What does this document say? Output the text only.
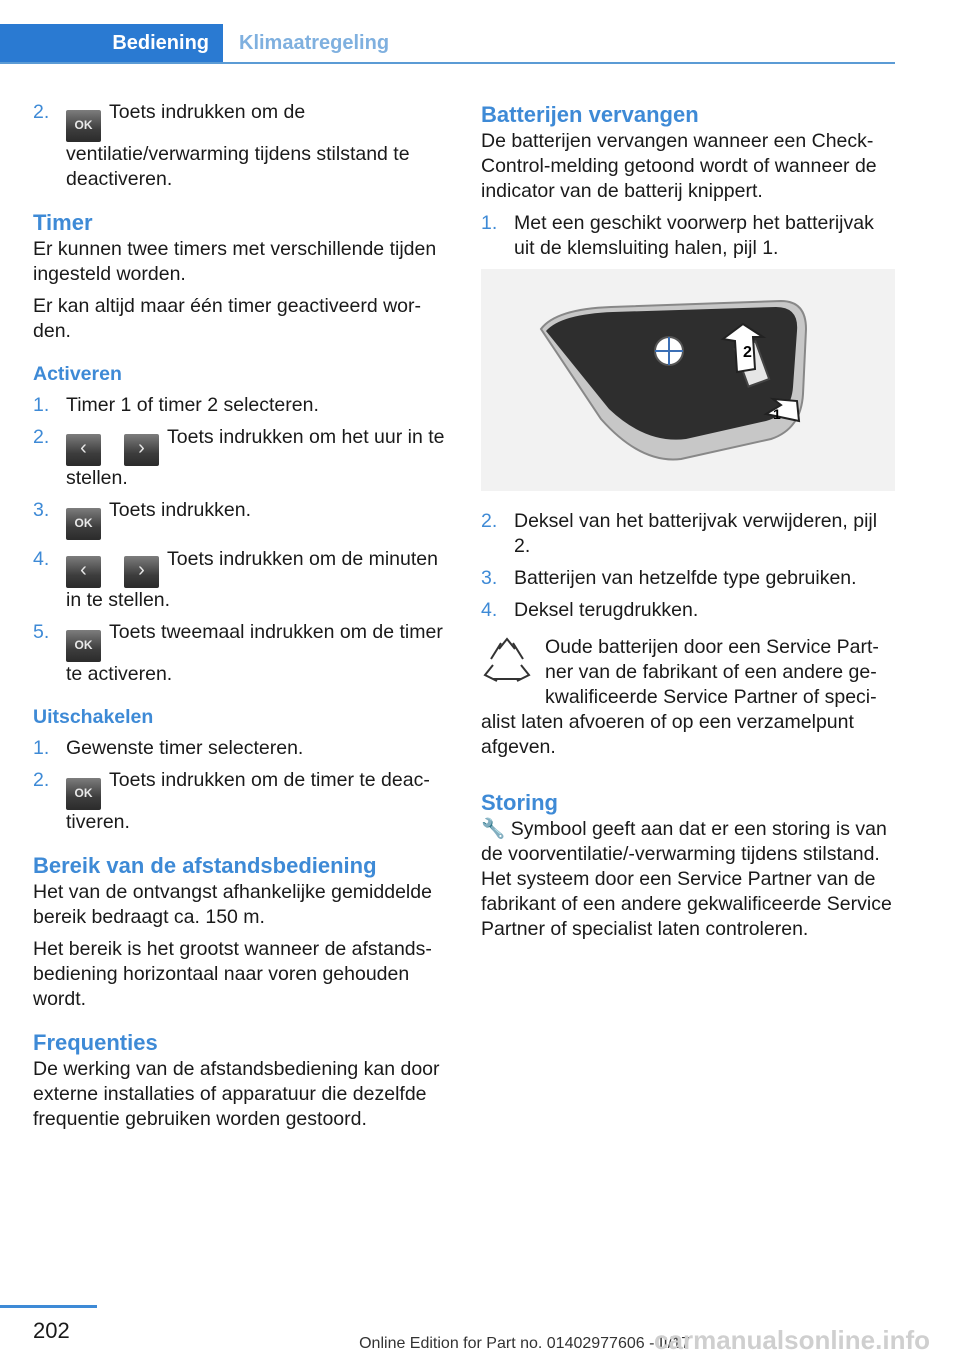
Bediening	Klimaatregeling
2.
OKToets indrukken om de ventilatie/verwarming tijdens stilstand te deactiveren.
Timer

Er kunnen twee timers met verschillende tijden ingesteld worden.

Er kan altijd maar één timer geactiveerd worden.

Activeren
1. Timer 1 of timer 2 selecteren.
2. ‹	› Toets indrukken om het uur in te stellen.
3.
OKToets indrukken.
4. ‹	› Toets indrukken om de minuten in te stellen.
5.
OKToets tweemaal indrukken om de timer te activeren.
Uitschakelen
1. Gewenste timer selecteren.
2.
OKToets indrukken om de timer te deactiveren.
Bereik van de afstandsbediening

Het van de ontvangst afhankelijke gemiddelde bereik bedraagt ca. 150 m.

Het bereik is het grootst wanneer de afstandsbediening horizontaal naar voren gehouden wordt.

Frequenties

De werking van de afstandsbediening kan door externe installaties of apparatuur die dezelfde frequentie gebruiken worden gestoord.

Batterijen vervangen

De batterijen vervangen wanneer een Check-Control-melding getoond wordt of wanneer de indicator van de batterij knippert.

1. Met een geschikt voorwerp het batterijvak uit de klemsluiting halen, pijl 1.
2
1
2. Deksel van het batterijvak verwijderen, pijl 2.
3. Batterijen van hetzelfde type gebruiken.
4. Deksel terugdrukken.
Oude batterijen door een Service Partner van de fabrikant of een andere gekwalificeerde Service Partner of specialist laten afvoeren of op een verzamelpunt afgeven.
Storing

🔧 Symbool geeft aan dat er een storing is van de voorventilatie/-verwarming tijdens stilstand. Het systeem door een Service Partner van de fabrikant of een andere gekwalificeerde Service Partner of specialist laten controleren.

202
Online Edition for Part no. 01402977606 - II/17
carmanualsonline.info
